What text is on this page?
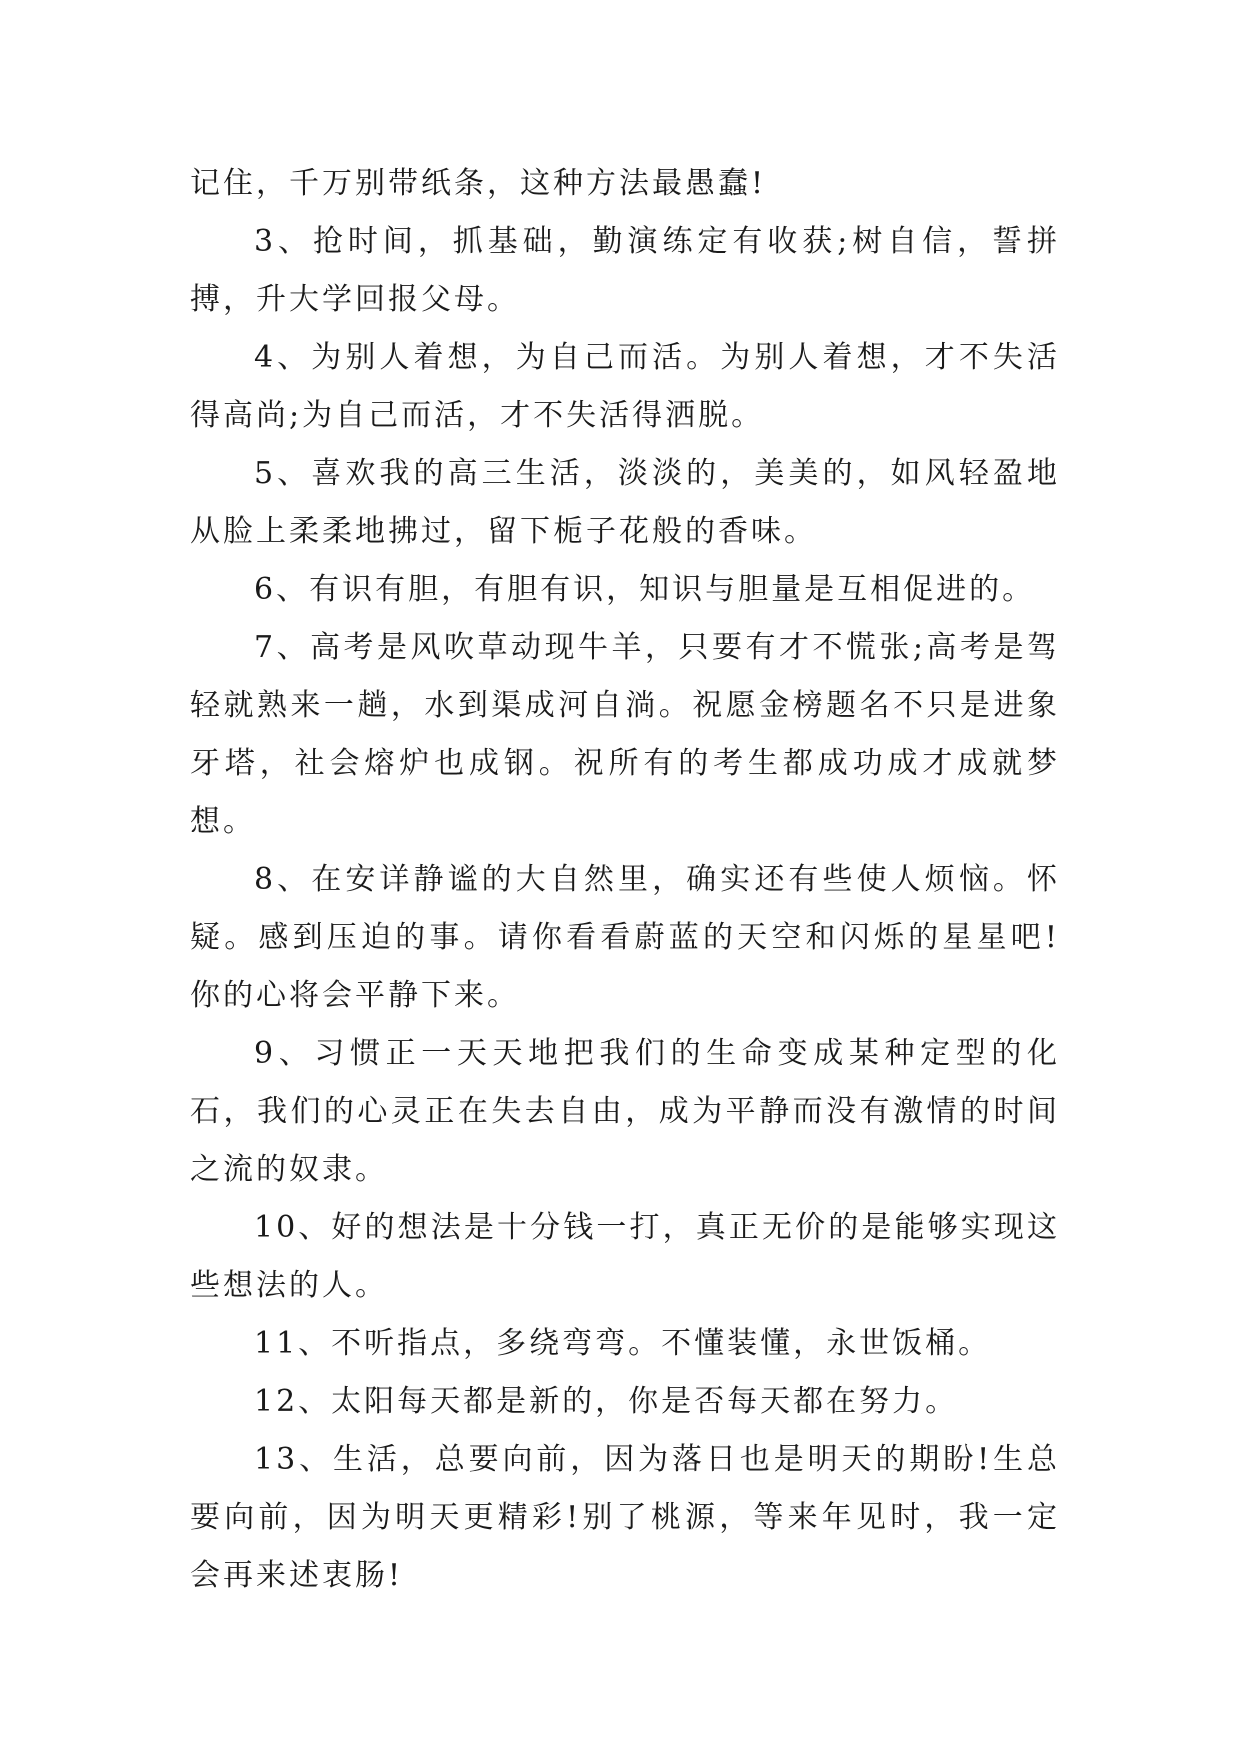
记住，千万别带纸条，这种方法最愚蠢!

3、抢时间，抓基础，勤演练定有收获;树自信，誓拼搏，升大学回报父母。

4、为别人着想，为自己而活。为别人着想，才不失活得高尚;为自己而活，才不失活得洒脱。

5、喜欢我的高三生活，淡淡的，美美的，如风轻盈地从脸上柔柔地拂过，留下栀子花般的香味。

6、有识有胆，有胆有识，知识与胆量是互相促进的。

7、高考是风吹草动现牛羊，只要有才不慌张;高考是驾轻就熟来一趟，水到渠成河自淌。祝愿金榜题名不只是进象牙塔，社会熔炉也成钢。祝所有的考生都成功成才成就梦想。

8、在安详静谧的大自然里，确实还有些使人烦恼。怀疑。感到压迫的事。请你看看蔚蓝的天空和闪烁的星星吧!你的心将会平静下来。

9、习惯正一天天地把我们的生命变成某种定型的化石，我们的心灵正在失去自由，成为平静而没有激情的时间之流的奴隶。

10、好的想法是十分钱一打，真正无价的是能够实现这些想法的人。

11、不听指点，多绕弯弯。不懂装懂，永世饭桶。

12、太阳每天都是新的，你是否每天都在努力。

13、生活，总要向前，因为落日也是明天的期盼!生总要向前，因为明天更精彩!别了桃源，等来年见时，我一定会再来述衷肠!
